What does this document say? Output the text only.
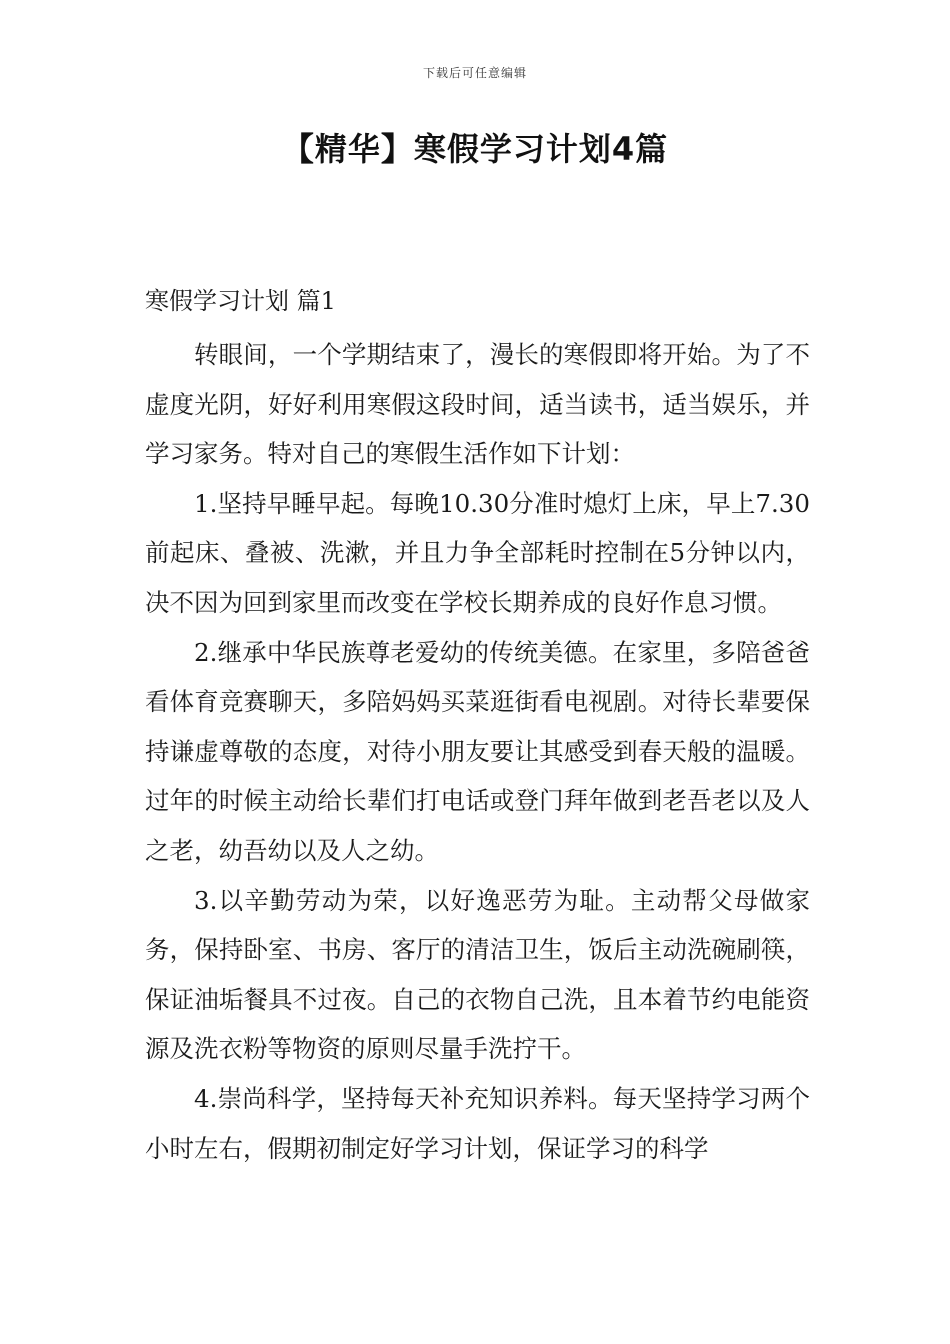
下载后可任意编辑
【精华】寒假学习计划4篇
寒假学习计划 篇1

转眼间，一个学期结束了，漫长的寒假即将开始。为了不虚度光阴，好好利用寒假这段时间，适当读书，适当娱乐，并学习家务。特对自己的寒假生活作如下计划：

1.坚持早睡早起。每晚10.30分准时熄灯上床，早上7.30前起床、叠被、洗漱，并且力争全部耗时控制在5分钟以内，决不因为回到家里而改变在学校长期养成的良好作息习惯。

2.继承中华民族尊老爱幼的传统美德。在家里，多陪爸爸看体育竞赛聊天，多陪妈妈买菜逛街看电视剧。对待长辈要保持谦虚尊敬的态度，对待小朋友要让其感受到春天般的温暖。过年的时候主动给长辈们打电话或登门拜年做到老吾老以及人之老，幼吾幼以及人之幼。

3.以辛勤劳动为荣，以好逸恶劳为耻。主动帮父母做家务，保持卧室、书房、客厅的清洁卫生，饭后主动洗碗刷筷，保证油垢餐具不过夜。自己的衣物自己洗，且本着节约电能资源及洗衣粉等物资的原则尽量手洗拧干。

4.崇尚科学，坚持每天补充知识养料。每天坚持学习两个小时左右，假期初制定好学习计划，保证学习的科学
